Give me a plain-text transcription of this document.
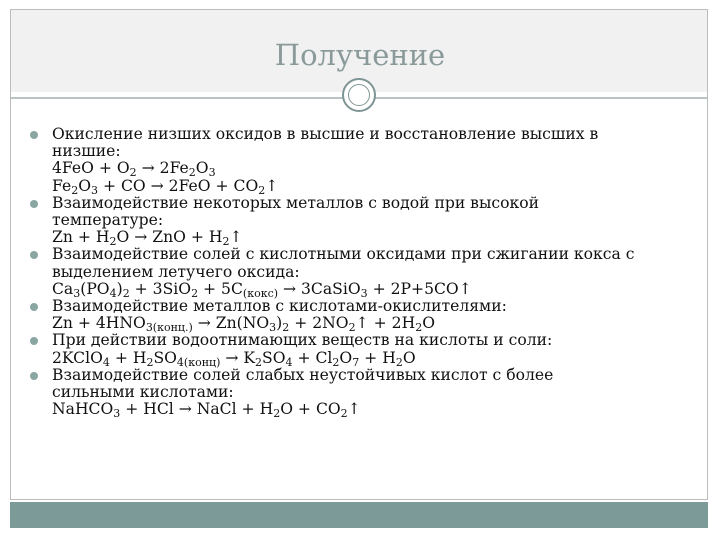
Получение
Окисление низших оксидов в высшие и восстановление высших в
низшие:
$4FeO + O_2 \to 2Fe_2O_3$
$Fe_2O_3$ + CO → $2FeO + CO_2↑$
Взаимодействие некоторых металлов с водой при высокой
температуре:
$Zn + H_2O$ → ZnO + $H_2↑$
Взаимодействие солей с кислотными оксидами при сжигании кокса с
выделением летучего оксида:
$Ca_3(PO_4)_2 + 3SiO_2 + 5C_{(кокс)}$ → 3CaSiO$_3$ + 2P+5CO↑
Взаимодействие металлов с кислотами-окислителями:
$Zn + 4HNO_{3(конц.)} \to Zn(NO_3)_2$ + $2NO_2↑ + 2H_2O$
При действии водоотнимающих веществ на кислоты и соли:
2KClO$_4$ + $H_2SO_{4(конц)} \to K_2SO_4 + Cl_2O_7 + H_2O$
Взаимодействие солей слабых неустойчивых кислот с более
сильными кислотами:
NaHCO$_3$ + HCl → NaCl + $H_2O$ + $CO_2↑$
